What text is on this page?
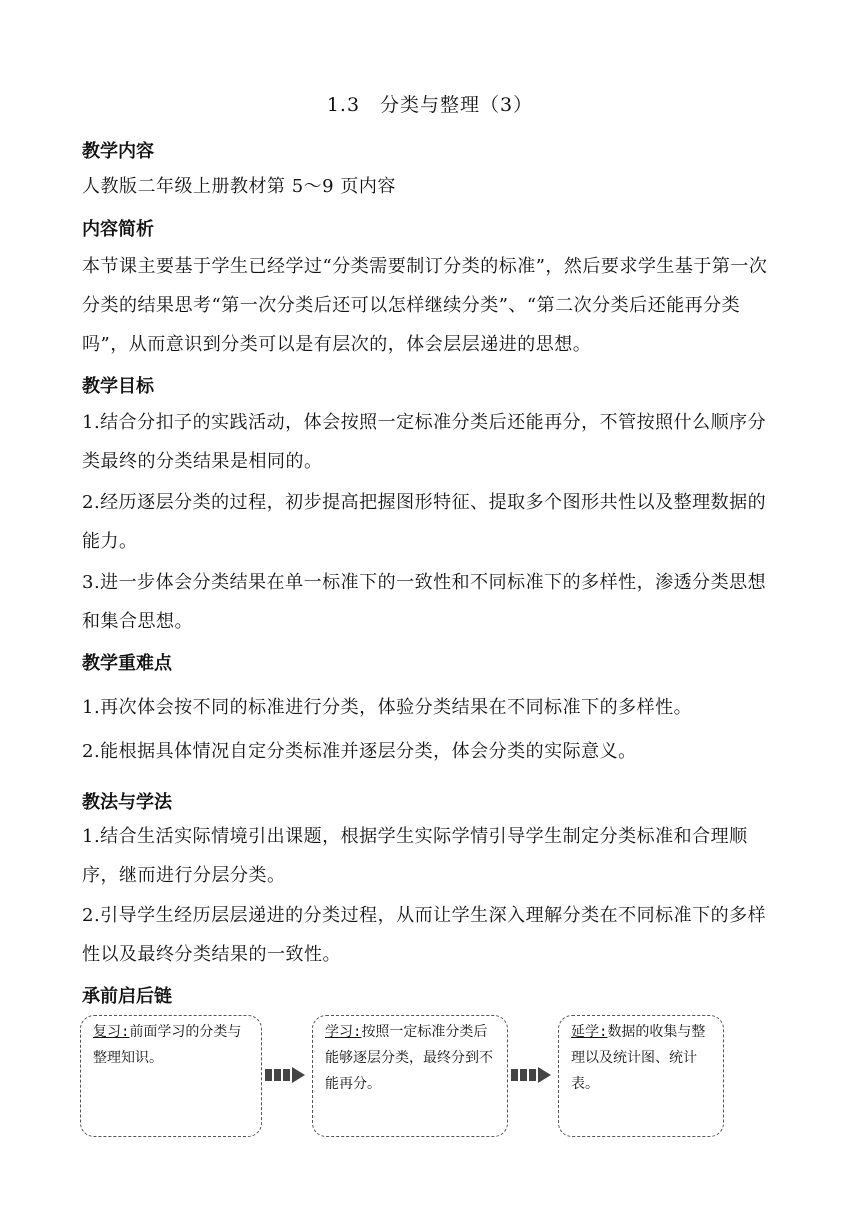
1.3　分类与整理（3）
教学内容
人教版二年级上册教材第 5～9 页内容
内容简析
本节课主要基于学生已经学过“分类需要制订分类的标准”，然后要求学生基于第一次分类的结果思考“第一次分类后还可以怎样继续分类”、“第二次分类后还能再分类吗”，从而意识到分类可以是有层次的，体会层层递进的思想。
教学目标
1.结合分扣子的实践活动，体会按照一定标准分类后还能再分，不管按照什么顺序分类最终的分类结果是相同的。
2.经历逐层分类的过程，初步提高把握图形特征、提取多个图形共性以及整理数据的能力。
3.进一步体会分类结果在单一标准下的一致性和不同标准下的多样性，渗透分类思想和集合思想。
教学重难点
1.再次体会按不同的标准进行分类，体验分类结果在不同标准下的多样性。
2.能根据具体情况自定分类标准并逐层分类，体会分类的实际意义。
教法与学法
1.结合生活实际情境引出课题，根据学生实际学情引导学生制定分类标准和合理顺序，继而进行分层分类。
2.引导学生经历层层递进的分类过程，从而让学生深入理解分类在不同标准下的多样性以及最终分类结果的一致性。
承前启后链
复习:前面学习的分类与整理知识。
学习:按照一定标准分类后能够逐层分类，最终分到不能再分。
延学:数据的收集与整理以及统计图、统计表。
